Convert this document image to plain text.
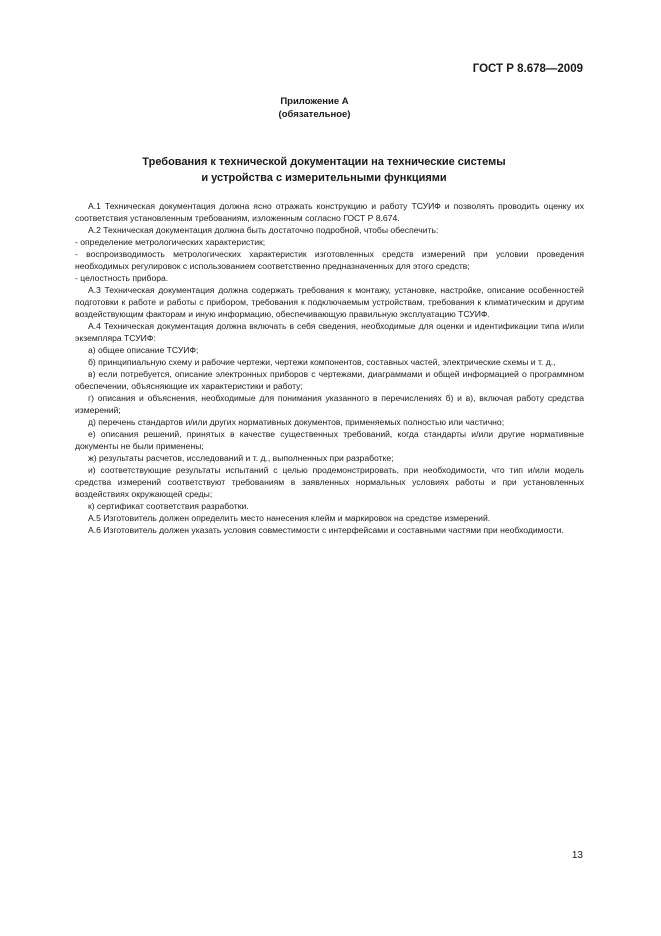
ГОСТ Р 8.678—2009
Приложение А
(обязательное)
Требования к технической документации на технические системы
и устройства с измерительными функциями

А.1 Техническая документация должна ясно отражать конструкцию и работу ТСУИФ и позволять проводить оценку их соответствия установленным требованиям, изложенным согласно ГОСТ Р 8.674.

А.2 Техническая документация должна быть достаточно подробной, чтобы обеспечить:

- определение метрологических характеристик;

- воспроизводимость метрологических характеристик изготовленных средств измерений при условии проведения необходимых регулировок с использованием соответственно предназначенных для этого средств;

- целостность прибора.

А.3 Техническая документация должна содержать требования к монтажу, установке, настройке, описание особенностей подготовки к работе и работы с прибором, требования к подключаемым устройствам, требования к климатическим и другим воздействующим факторам и иную информацию, обеспечивающую правильную эксплуатацию ТСУИФ.

А.4 Техническая документация должна включать в себя сведения, необходимые для оценки и идентификации типа и/или экземпляра ТСУИФ:

а) общее описание ТСУИФ;

б) принципиальную схему и рабочие чертежи, чертежи компонентов, составных частей, электрические схемы и т. д.,

в) если потребуется, описание электронных приборов с чертежами, диаграммами и общей информацией о программном обеспечении, объясняющие их характеристики и работу;

г) описания и объяснения, необходимые для понимания указанного в перечислениях б) и в), включая работу средства измерений;

д) перечень стандартов и/или других нормативных документов, применяемых полностью или частично;

е) описания решений, принятых в качестве существенных требований, когда стандарты и/или другие нормативные документы не были применены;

ж) результаты расчетов, исследований и т. д., выполненных при разработке;

и) соответствующие результаты испытаний с целью продемонстрировать, при необходимости, что тип и/или модель средства измерений соответствуют требованиям в заявленных нормальных условиях работы и при установленных воздействиях окружающей среды;

к) сертификат соответствия разработки.

А.5 Изготовитель должен определить место нанесения клейм и маркировок на средстве измерений.

А.6 Изготовитель должен указать условия совместимости с интерфейсами и составными частями при необходимости.

13
